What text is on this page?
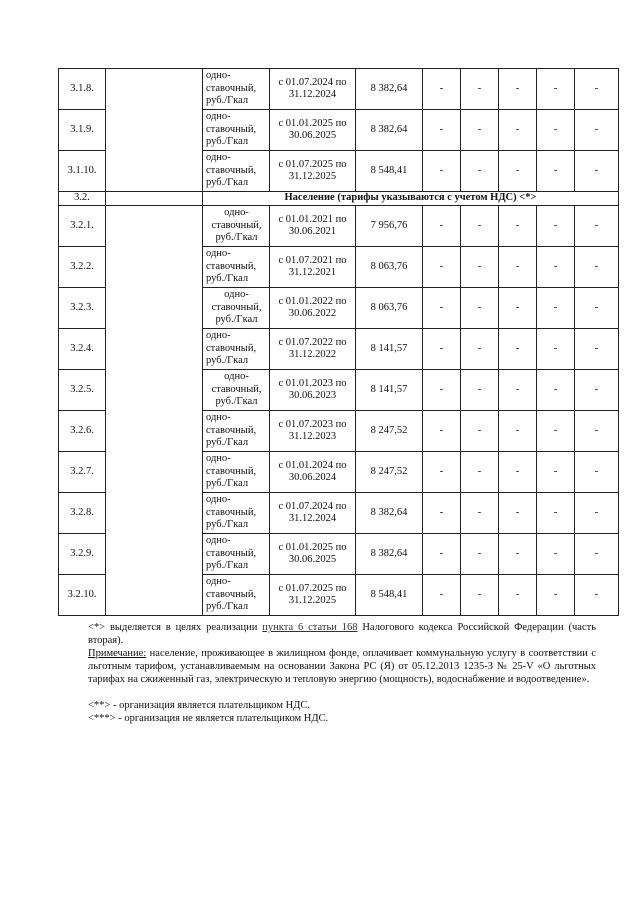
3.1.8.		одно-ставочный, руб./Гкал	с 01.07.2024 по 31.12.2024	8 382,64	-	-	-	-	-
3.1.9.		одно-ставочный, руб./Гкал	с 01.01.2025 по 30.06.2025	8 382,64	-	-	-	-	-
3.1.10.		одно-ставочный, руб./Гкал	с 01.07.2025 по 31.12.2025	8 548,41	-	-	-	-	-
3.2.		Население (тарифы указываются с учетом НДС) <*>							
3.2.1.		одно-ставочный, руб./Гкал	с 01.01.2021 по 30.06.2021	7 956,76	-	-	-	-	-
3.2.2.		одно-ставочный, руб./Гкал	с 01.07.2021 по 31.12.2021	8 063,76	-	-	-	-	-
3.2.3.		одно-ставочный, руб./Гкал	с 01.01.2022 по 30.06.2022	8 063,76	-	-	-	-	-
3.2.4.		одно-ставочный, руб./Гкал	с 01.07.2022 по 31.12.2022	8 141,57	-	-	-	-	-
3.2.5.		одно-ставочный, руб./Гкал	с 01.01.2023 по 30.06.2023	8 141,57	-	-	-	-	-
3.2.6.		одно-ставочный, руб./Гкал	с 01.07.2023 по 31.12.2023	8 247,52	-	-	-	-	-
3.2.7.		одно-ставочный, руб./Гкал	с 01.01.2024 по 30.06.2024	8 247,52	-	-	-	-	-
3.2.8.		одно-ставочный, руб./Гкал	с 01.07.2024 по 31.12.2024	8 382,64	-	-	-	-	-
3.2.9.		одно-ставочный, руб./Гкал	с 01.01.2025 по 30.06.2025	8 382,64	-	-	-	-	-
3.2.10.		одно-ставочный, руб./Гкал	с 01.07.2025 по 31.12.2025	8 548,41	-	-	-	-	-

<*> выделяется в целях реализации пункта 6 статьи 168 Налогового кодекса Российской Федерации (часть вторая).

Примечание: население, проживающее в жилищном фонде, оплачивает коммунальную услугу в соответствии с льготным тарифом, устанавливаемым на основании Закона РС (Я) от 05.12.2013 1235-З № 25-V «О льготных тарифах на сжиженный газ, электрическую и тепловую энергию (мощность), водоснабжение и водоотведение».

<**> - организация является плательщиком НДС.

<***> - организация не является плательщиком НДС.
